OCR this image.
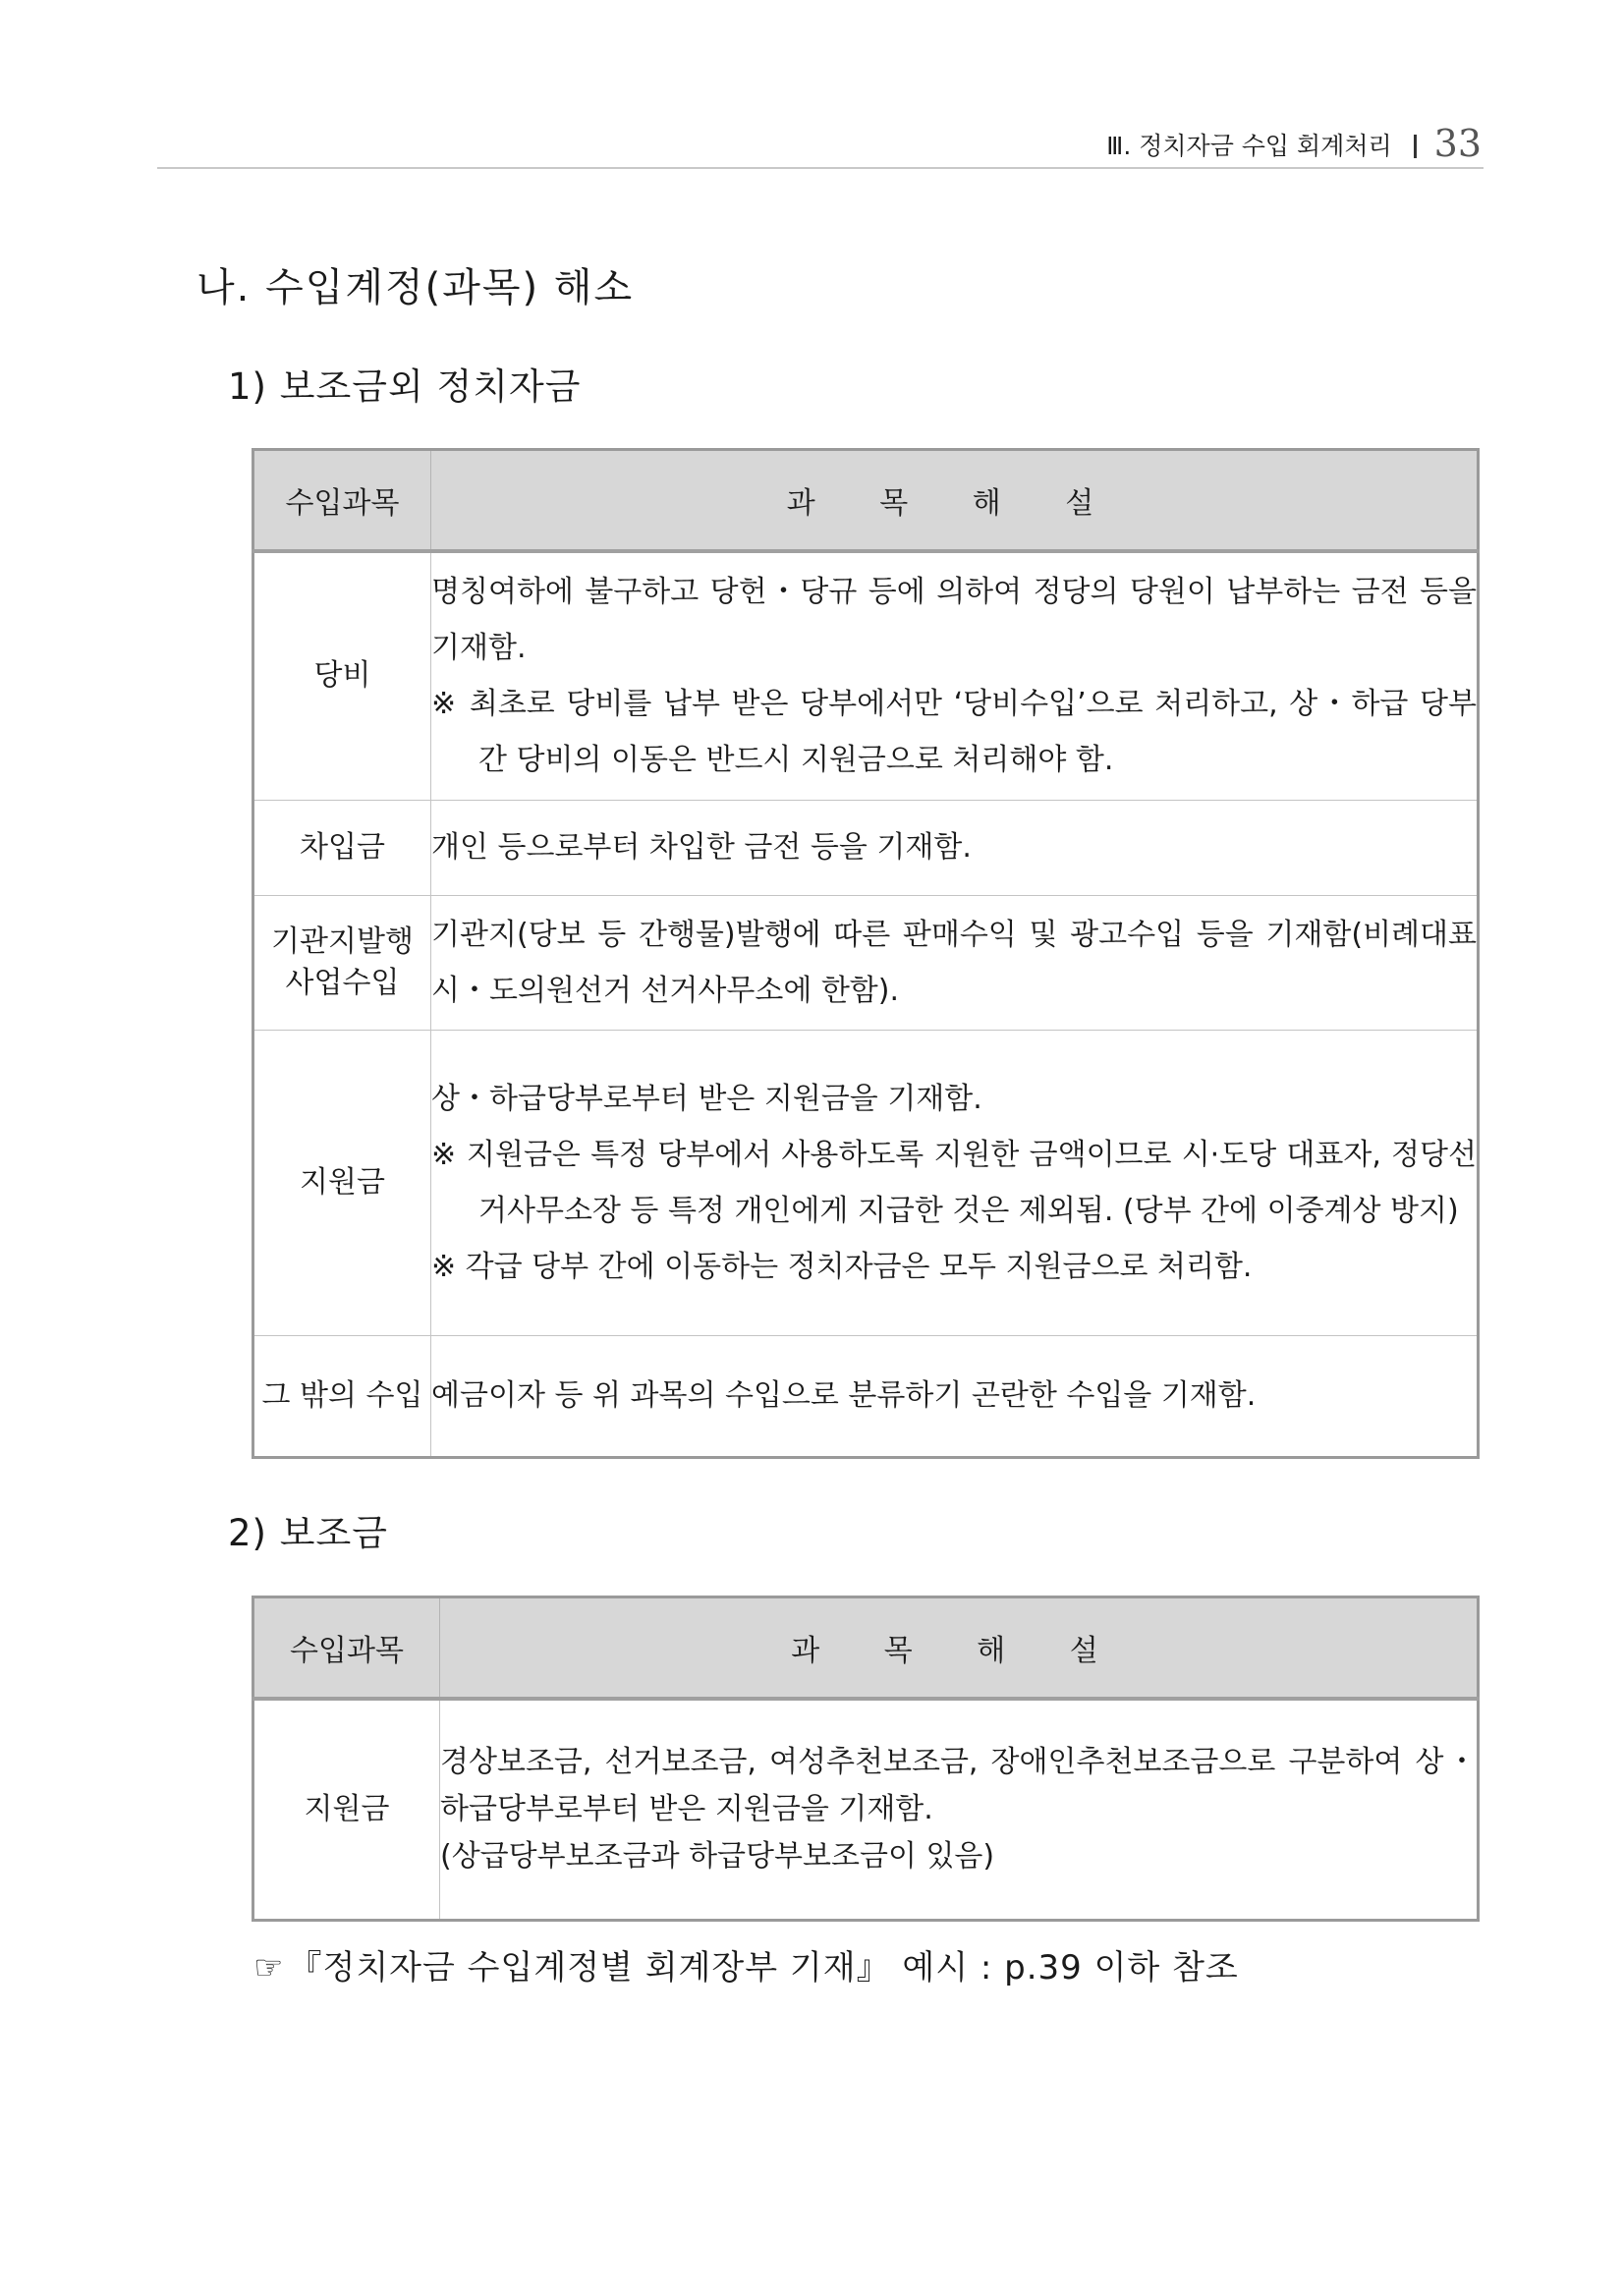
Ⅲ. 정치자금 수입 회계처리 33
나. 수입계정(과목) 해소
1) 보조금외 정치자금
수입과목	과 목 해 설
당비	명칭여하에 불구하고 당헌・당규 등에 의하여 정당의 당원이 납부하는 금전 등을 기재함.
※ 최초로 당비를 납부 받은 당부에서만 ‘당비수입’으로 처리하고, 상・하급 당부간 당비의 이동은 반드시 지원금으로 처리해야 함.

차입금	개인 등으로부터 차입한 금전 등을 기재함.

기관지발행 사업수입	기관지(당보 등 간행물)발행에 따른 판매수익 및 광고수입 등을 기재함(비례대표시・도의원선거 선거사무소에 한함).

지원금	상・하급당부로부터 받은 지원금을 기재함.
※ 지원금은 특정 당부에서 사용하도록 지원한 금액이므로 시·도당 대표자, 정당선거사무소장 등 특정 개인에게 지급한 것은 제외됨. (당부 간에 이중계상 방지)
※ 각급 당부 간에 이동하는 정치자금은 모두 지원금으로 처리함.

그 밖의 수입	예금이자 등 위 과목의 수입으로 분류하기 곤란한 수입을 기재함.
2) 보조금
수입과목	과 목 해 설
지원금	경상보조금, 선거보조금, 여성추천보조금, 장애인추천보조금으로 구분하여 상・하급당부로부터 받은 지원금을 기재함.
(상급당부보조금과 하급당부보조금이 있음)
☞ 『정치자금 수입계정별 회계장부 기재』 예시 : p.39 이하 참조
